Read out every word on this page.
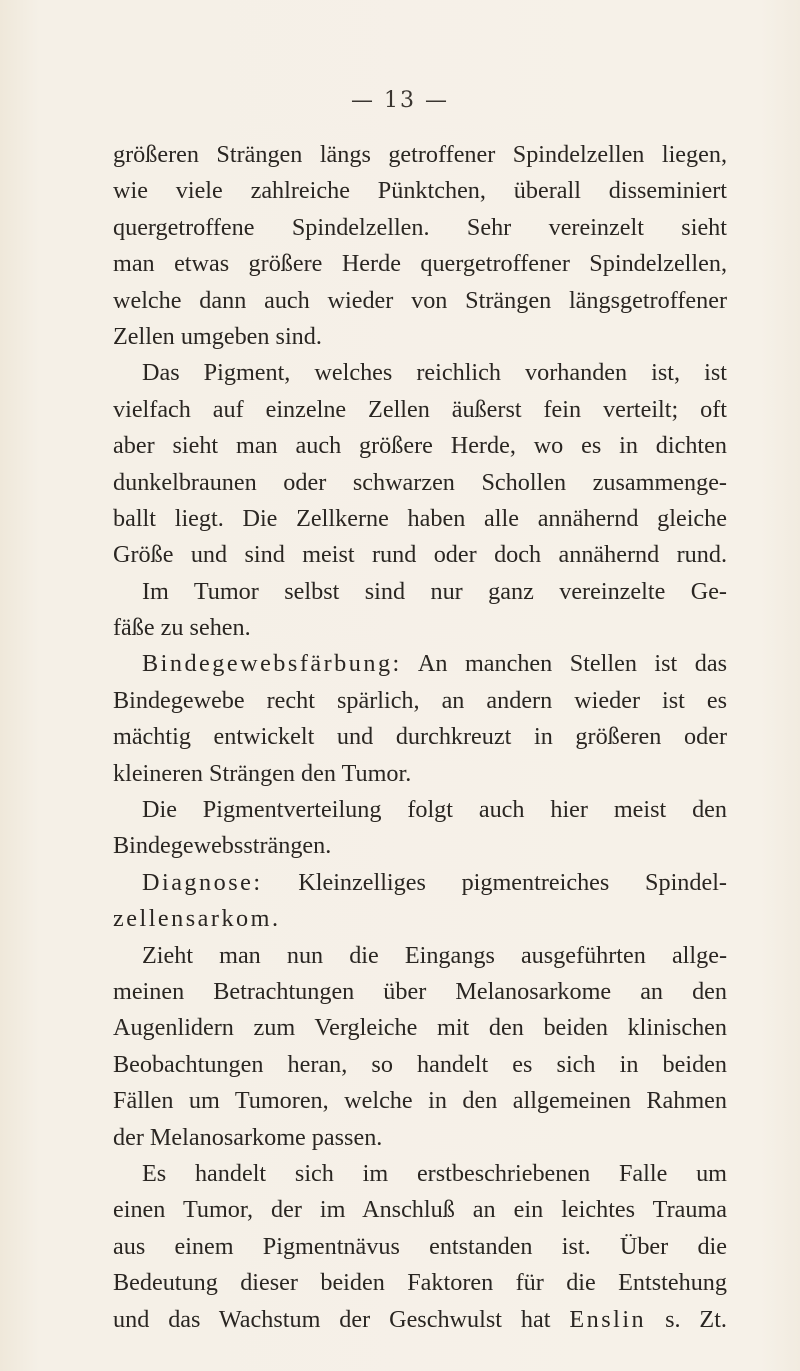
— 13 —
größeren Strängen längs getroffener Spindelzellen liegen,
wie viele zahlreiche Pünktchen, überall disseminiert
quergetroffene Spindelzellen. Sehr vereinzelt sieht
man etwas größere Herde quergetroffener Spindelzellen,
welche dann auch wieder von Strängen längsgetroffener
Zellen umgeben sind.
Das Pigment, welches reichlich vorhanden ist, ist
vielfach auf einzelne Zellen äußerst fein verteilt; oft
aber sieht man auch größere Herde, wo es in dichten
dunkelbraunen oder schwarzen Schollen zusammenge-
ballt liegt. Die Zellkerne haben alle annähernd gleiche
Größe und sind meist rund oder doch annähernd rund.
Im Tumor selbst sind nur ganz vereinzelte Ge-
fäße zu sehen.
Bindegewebsfärbung: An manchen Stellen ist das
Bindegewebe recht spärlich, an andern wieder ist es
mächtig entwickelt und durchkreuzt in größeren oder
kleineren Strängen den Tumor.
Die Pigmentverteilung folgt auch hier meist den
Bindegewebssträngen.
Diagnose: Kleinzelliges pigmentreiches Spindel-
zellensarkom.
Zieht man nun die Eingangs ausgeführten allge-
meinen Betrachtungen über Melanosarkome an den
Augenlidern zum Vergleiche mit den beiden klinischen
Beobachtungen heran, so handelt es sich in beiden
Fällen um Tumoren, welche in den allgemeinen Rahmen
der Melanosarkome passen.
Es handelt sich im erstbeschriebenen Falle um
einen Tumor, der im Anschluß an ein leichtes Trauma
aus einem Pigmentnävus entstanden ist. Über die
Bedeutung dieser beiden Faktoren für die Entstehung
und das Wachstum der Geschwulst hat Enslin s. Zt.
